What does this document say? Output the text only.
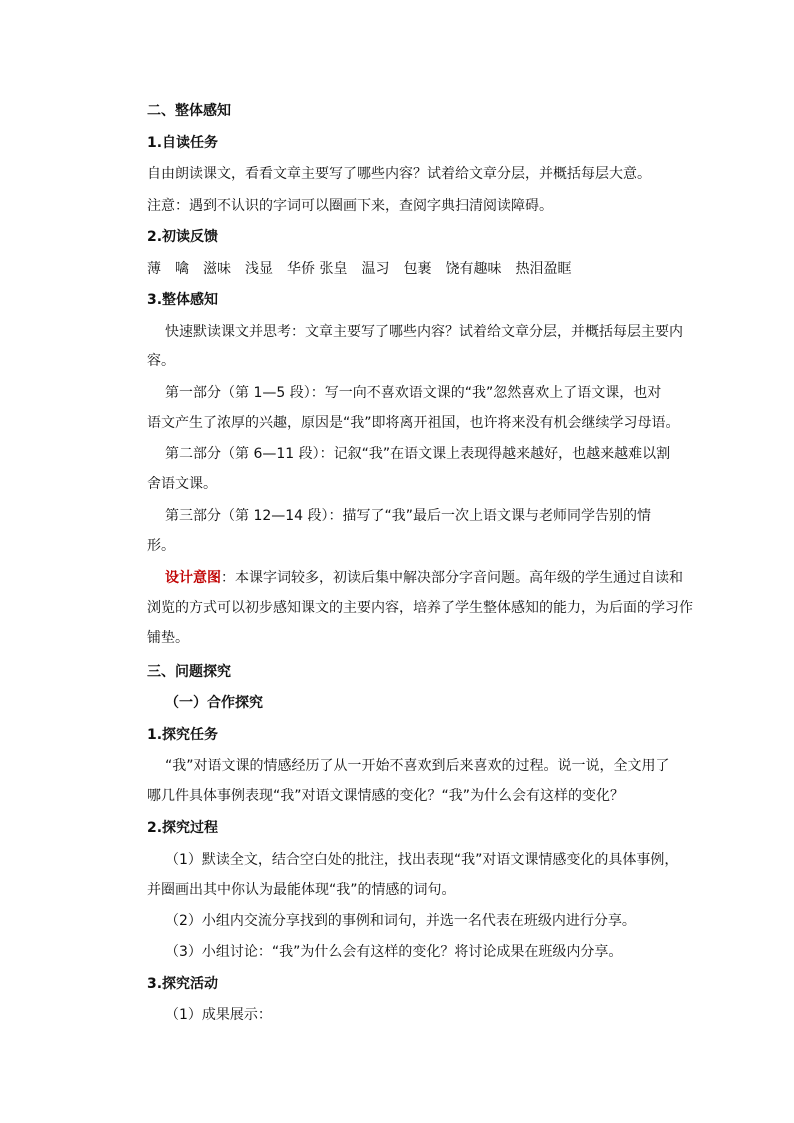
二、整体感知
1.自读任务
自由朗读课文，看看文章主要写了哪些内容？试着给文章分层，并概括每层大意。
注意：遇到不认识的字词可以圈画下来，查阅字典扫清阅读障碍。
2.初读反馈
薄 噙 滋味 浅显 华侨 张皇 温习 包裹 饶有趣味 热泪盈眶
3.整体感知
快速默读课文并思考：文章主要写了哪些内容？试着给文章分层，并概括每层主要内
容。
第一部分（第 1—5 段）：写一向不喜欢语文课的“我”忽然喜欢上了语文课，也对
语文产生了浓厚的兴趣，原因是“我”即将离开祖国，也许将来没有机会继续学习母语。
第二部分（第 6—11 段）：记叙“我”在语文课上表现得越来越好，也越来越难以割
舍语文课。
第三部分（第 12—14 段）：描写了“我”最后一次上语文课与老师同学告别的情
形。
设计意图：本课字词较多，初读后集中解决部分字音问题。高年级的学生通过自读和
浏览的方式可以初步感知课文的主要内容，培养了学生整体感知的能力，为后面的学习作
铺垫。
三、问题探究
（一）合作探究
1.探究任务
“我”对语文课的情感经历了从一开始不喜欢到后来喜欢的过程。说一说，全文用了
哪几件具体事例表现“我”对语文课情感的变化？“我”为什么会有这样的变化？
2.探究过程
（1）默读全文，结合空白处的批注，找出表现“我”对语文课情感变化的具体事例，
并圈画出其中你认为最能体现“我”的情感的词句。
（2）小组内交流分享找到的事例和词句，并选一名代表在班级内进行分享。
（3）小组讨论：“我”为什么会有这样的变化？将讨论成果在班级内分享。
3.探究活动
（1）成果展示：
